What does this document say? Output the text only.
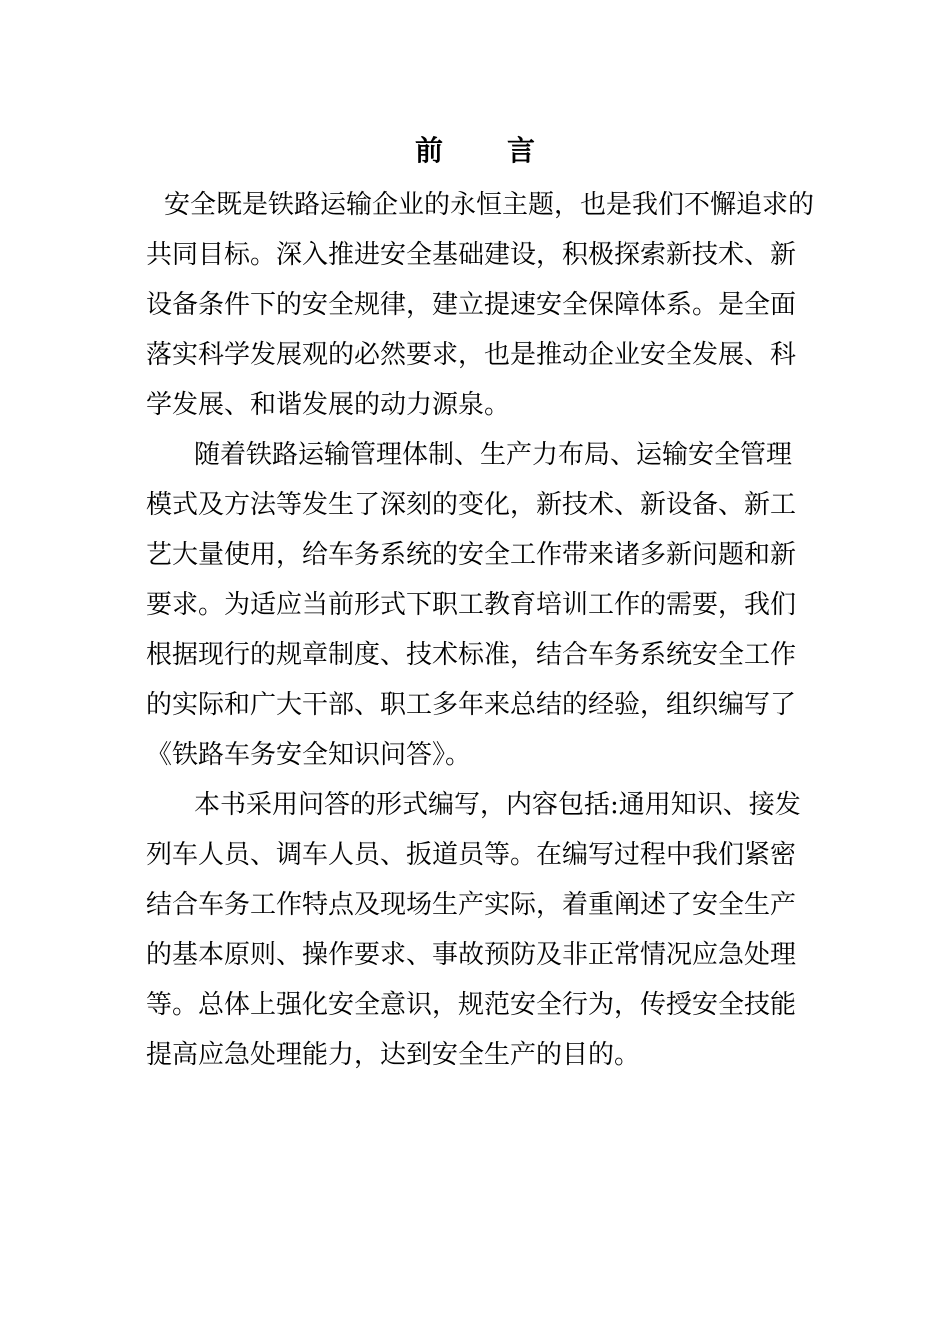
前 言
安全既是铁路运输企业的永恒主题，也是我们不懈追求的
共同目标。深入推进安全基础建设，积极探索新技术、新
设备条件下的安全规律，建立提速安全保障体系。是全面
落实科学发展观的必然要求，也是推动企业安全发展、科
学发展、和谐发展的动力源泉。
随着铁路运输管理体制、生产力布局、运输安全管理
模式及方法等发生了深刻的变化，新技术、新设备、新工
艺大量使用，给车务系统的安全工作带来诸多新问题和新
要求。为适应当前形式下职工教育培训工作的需要，我们
根据现行的规章制度、技术标准，结合车务系统安全工作
的实际和广大干部、职工多年来总结的经验，组织编写了
《铁路车务安全知识问答》。
本书采用问答的形式编写，内容包括:通用知识、接发
列车人员、调车人员、扳道员等。在编写过程中我们紧密
结合车务工作特点及现场生产实际，着重阐述了安全生产
的基本原则、操作要求、事故预防及非正常情况应急处理
等。总体上强化安全意识，规范安全行为，传授安全技能
提高应急处理能力，达到安全生产的目的。
